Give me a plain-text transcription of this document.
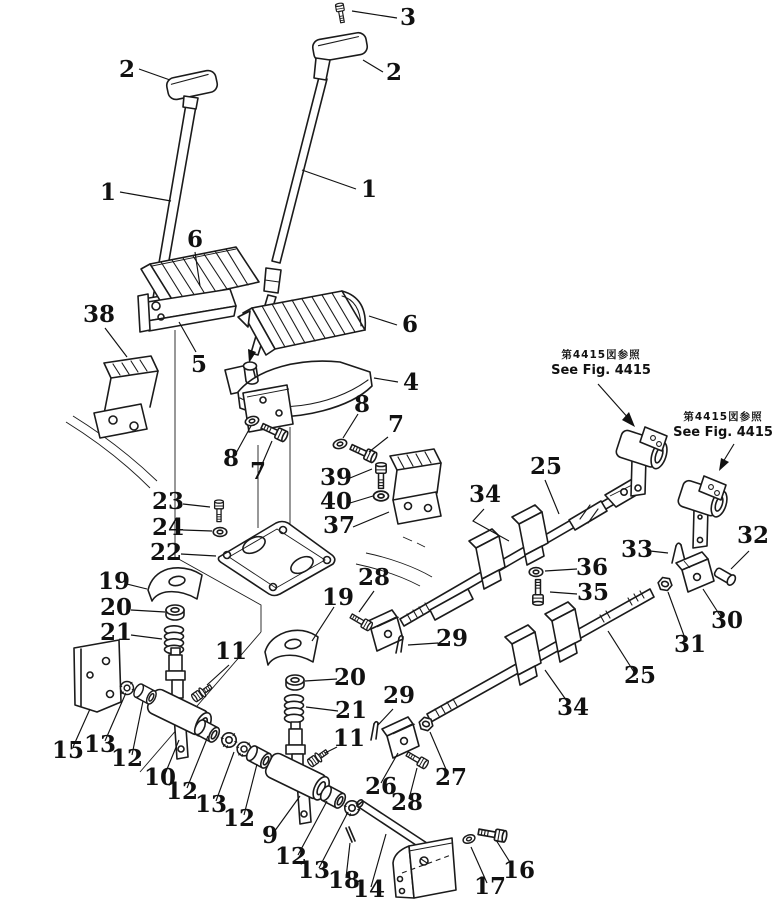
第4415図参照
See Fig. 4415
第4415図参照
See Fig. 4415
3
2	2
1	1
6
38
5
6
4
8
7
8 7 39
40
37
23
24
22
19
20
21
34
25
36
35
33
32
30
31
25
34
28
29
19
11
20
21
29
11
15 13
12
10
12
13
12
9
26 27
28
12
13
18
14	17
16
